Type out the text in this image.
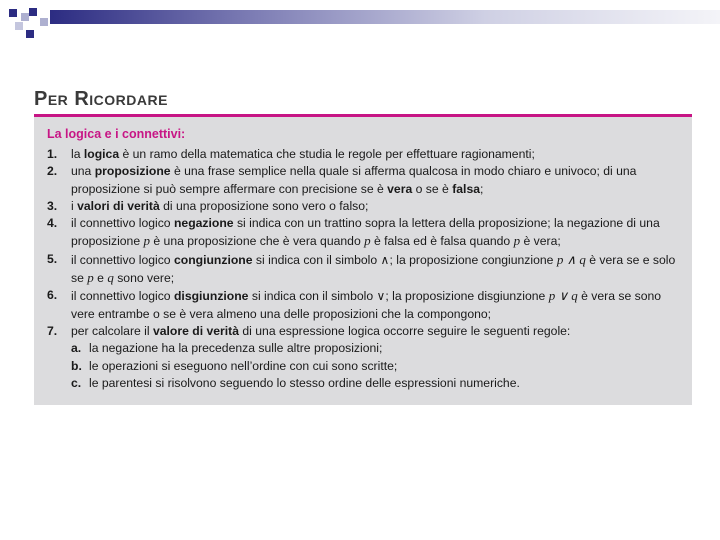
Per Ricordare
La logica e i connettivi:
1. la logica è un ramo della matematica che studia le regole per effettuare ragionamenti;
2. una proposizione è una frase semplice nella quale si afferma qualcosa in modo chiaro e univoco; di una proposizione si può sempre affermare con precisione se è vera o se è falsa;
3. i valori di verità di una proposizione sono vero o falso;
4. il connettivo logico negazione si indica con un trattino sopra la lettera della proposizione; la negazione di una proposizione p è una proposizione che è vera quando p è falsa ed è falsa quando p è vera;
5. il connettivo logico congiunzione si indica con il simbolo ∧; la proposizione congiunzione p ∧ q è vera se e solo se p e q sono vere;
6. il connettivo logico disgiunzione si indica con il simbolo ∨; la proposizione disgiunzione p ∨ q è vera se sono vere entrambe o se è vera almeno una delle proposizioni che la compongono;
7. per calcolare il valore di verità di una espressione logica occorre seguire le seguenti regole:
a. la negazione ha la precedenza sulle altre proposizioni;
b. le operazioni si eseguono nell’ordine con cui sono scritte;
c. le parentesi si risolvono seguendo lo stesso ordine delle espressioni numeriche.
